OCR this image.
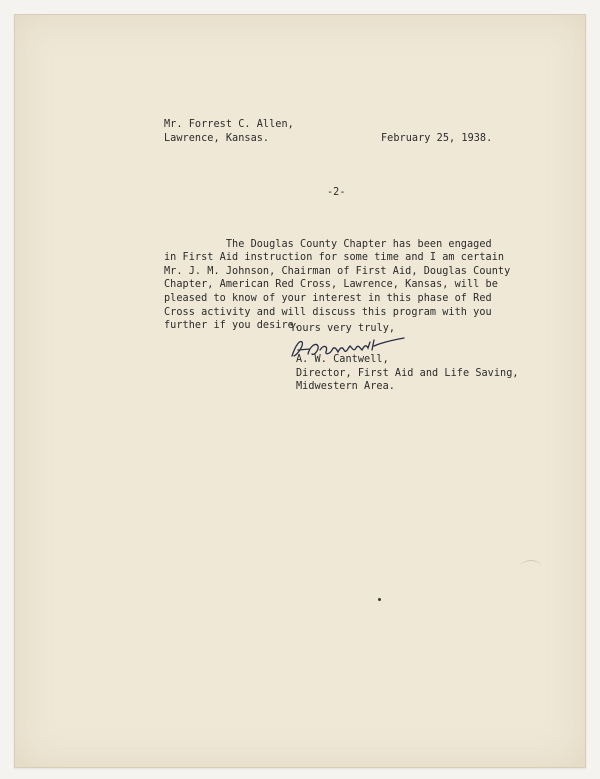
Mr. Forrest C. Allen,
Lawrence, Kansas.	February 25, 1938.
-2-

The Douglas County Chapter has been engaged
in First Aid instruction for some time and I am certain
Mr. J. M. Johnson, Chairman of First Aid, Douglas County
Chapter, American Red Cross, Lawrence, Kansas, will be
pleased to know of your interest in this phase of Red
Cross activity and will discuss this program with you
further if you desire.

Yours very truly,
A. W. Cantwell,
Director, First Aid and Life Saving,
Midwestern Area.
